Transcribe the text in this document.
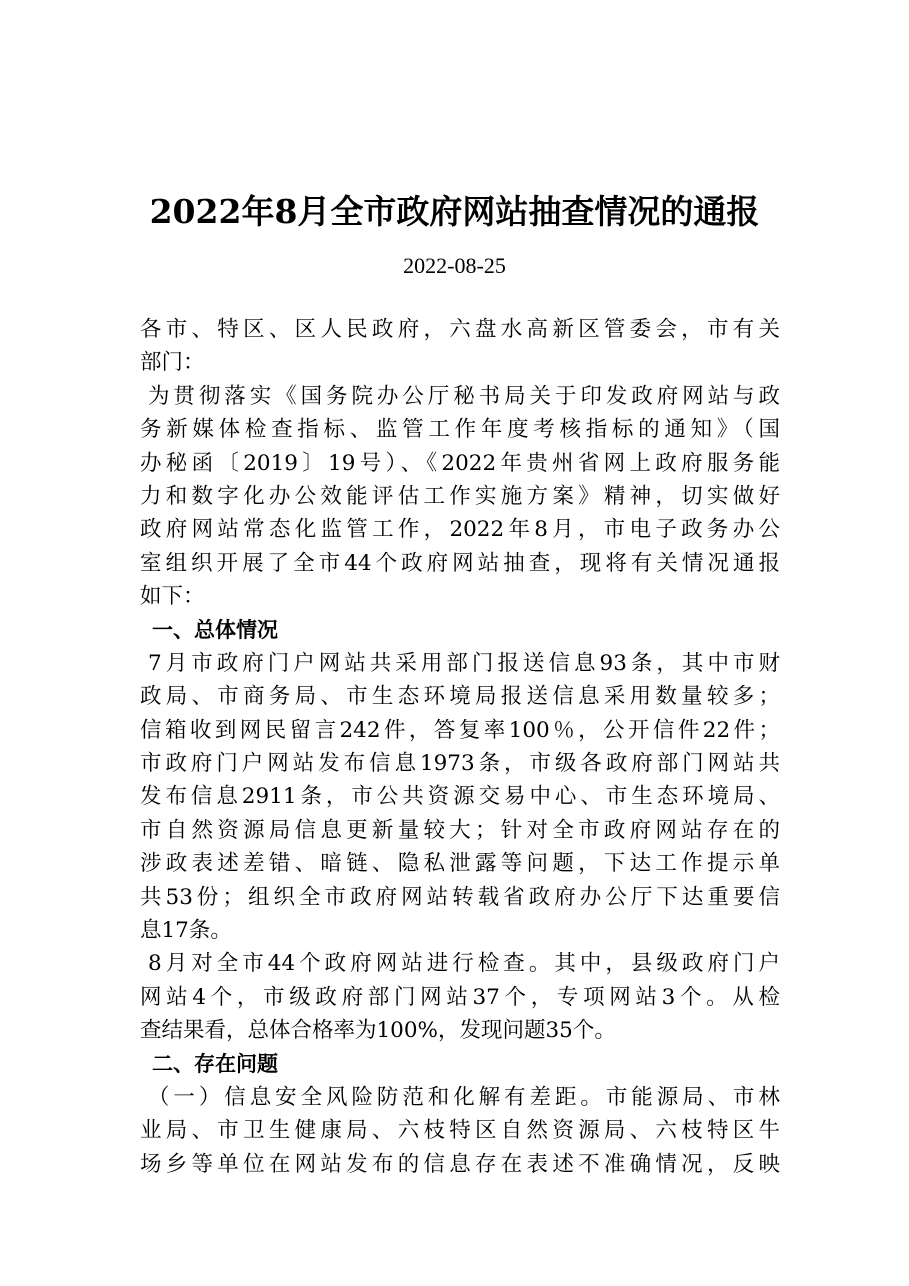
2022年8月全市政府网站抽查情况的通报
2022-08-25
各市、特区、区人民政府，六盘水高新区管委会，市有关
部门：
为贯彻落实《国务院办公厅秘书局关于印发政府网站与政
务新媒体检查指标、监管工作年度考核指标的通知》（国
办秘函〔2019〕19号）、《2022年贵州省网上政府服务能
力和数字化办公效能评估工作实施方案》精神，切实做好
政府网站常态化监管工作，2022年8月，市电子政务办公
室组织开展了全市44个政府网站抽查，现将有关情况通报
如下：
一、总体情况
7月市政府门户网站共采用部门报送信息93条，其中市财
政局、市商务局、市生态环境局报送信息采用数量较多；
信箱收到网民留言242件，答复率100％，公开信件22件；
市政府门户网站发布信息1973条，市级各政府部门网站共
发布信息2911条，市公共资源交易中心、市生态环境局、
市自然资源局信息更新量较大；针对全市政府网站存在的
涉政表述差错、暗链、隐私泄露等问题，下达工作提示单
共53份；组织全市政府网站转载省政府办公厅下达重要信
息17条。
8月对全市44个政府网站进行检查。其中，县级政府门户
网站4个，市级政府部门网站37个，专项网站3个。从检
查结果看，总体合格率为100%，发现问题35个。
二、存在问题
（一）信息安全风险防范和化解有差距。市能源局、市林
业局、市卫生健康局、六枝特区自然资源局、六枝特区牛
场乡等单位在网站发布的信息存在表述不准确情况，反映
